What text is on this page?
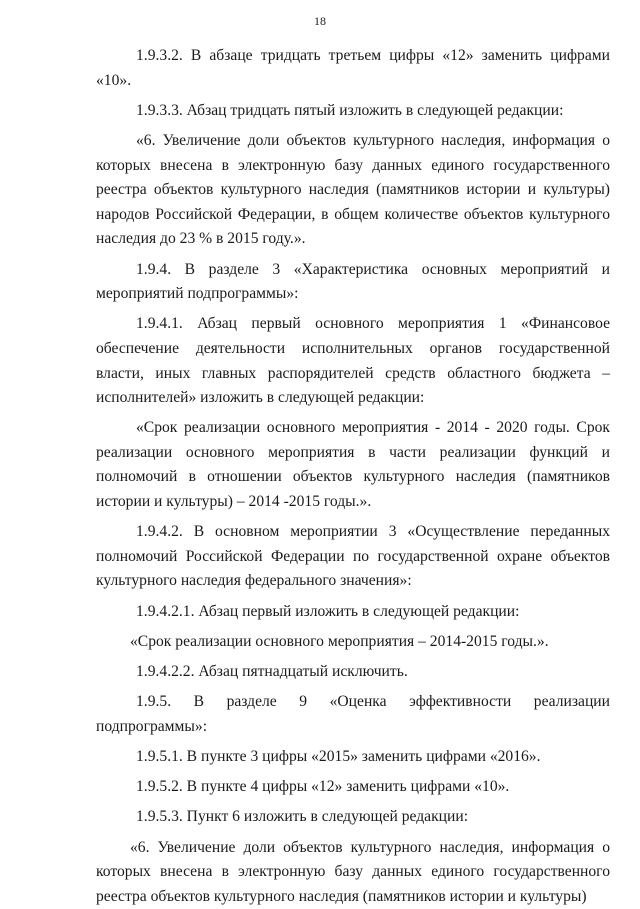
18

1.9.3.2. В абзаце тридцать третьем цифры «12» заменить цифрами «10».

1.9.3.3. Абзац тридцать пятый изложить в следующей редакции:

«6. Увеличение доли объектов культурного наследия, информация о которых внесена в электронную базу данных единого государственного реестра объектов культурного наследия (памятников истории и культуры) народов Российской Федерации, в общем количестве объектов культурного наследия до 23 % в 2015 году.».

1.9.4. В разделе 3 «Характеристика основных мероприятий и мероприятий подпрограммы»:

1.9.4.1. Абзац первый основного мероприятия 1 «Финансовое обеспечение деятельности исполнительных органов государственной власти, иных главных распорядителей средств областного бюджета – исполнителей» изложить в следующей редакции:

«Срок реализации основного мероприятия - 2014 - 2020 годы. Срок реализации основного мероприятия в части реализации функций и полномочий в отношении объектов культурного наследия (памятников истории и культуры) – 2014 -2015 годы.».

1.9.4.2. В основном мероприятии 3 «Осуществление переданных полномочий Российской Федерации по государственной охране объектов культурного наследия федерального значения»:

1.9.4.2.1. Абзац первый изложить в следующей редакции:

«Срок реализации основного мероприятия – 2014-2015 годы.».

1.9.4.2.2. Абзац пятнадцатый исключить.

1.9.5. В разделе 9 «Оценка эффективности реализации подпрограммы»:

1.9.5.1. В пункте 3 цифры «2015» заменить цифрами «2016».

1.9.5.2. В пункте 4 цифры «12» заменить цифрами «10».

1.9.5.3. Пункт 6 изложить в следующей редакции:

«6. Увеличение доли объектов культурного наследия, информация о которых внесена в электронную базу данных единого государственного реестра объектов культурного наследия (памятников истории и культуры)
